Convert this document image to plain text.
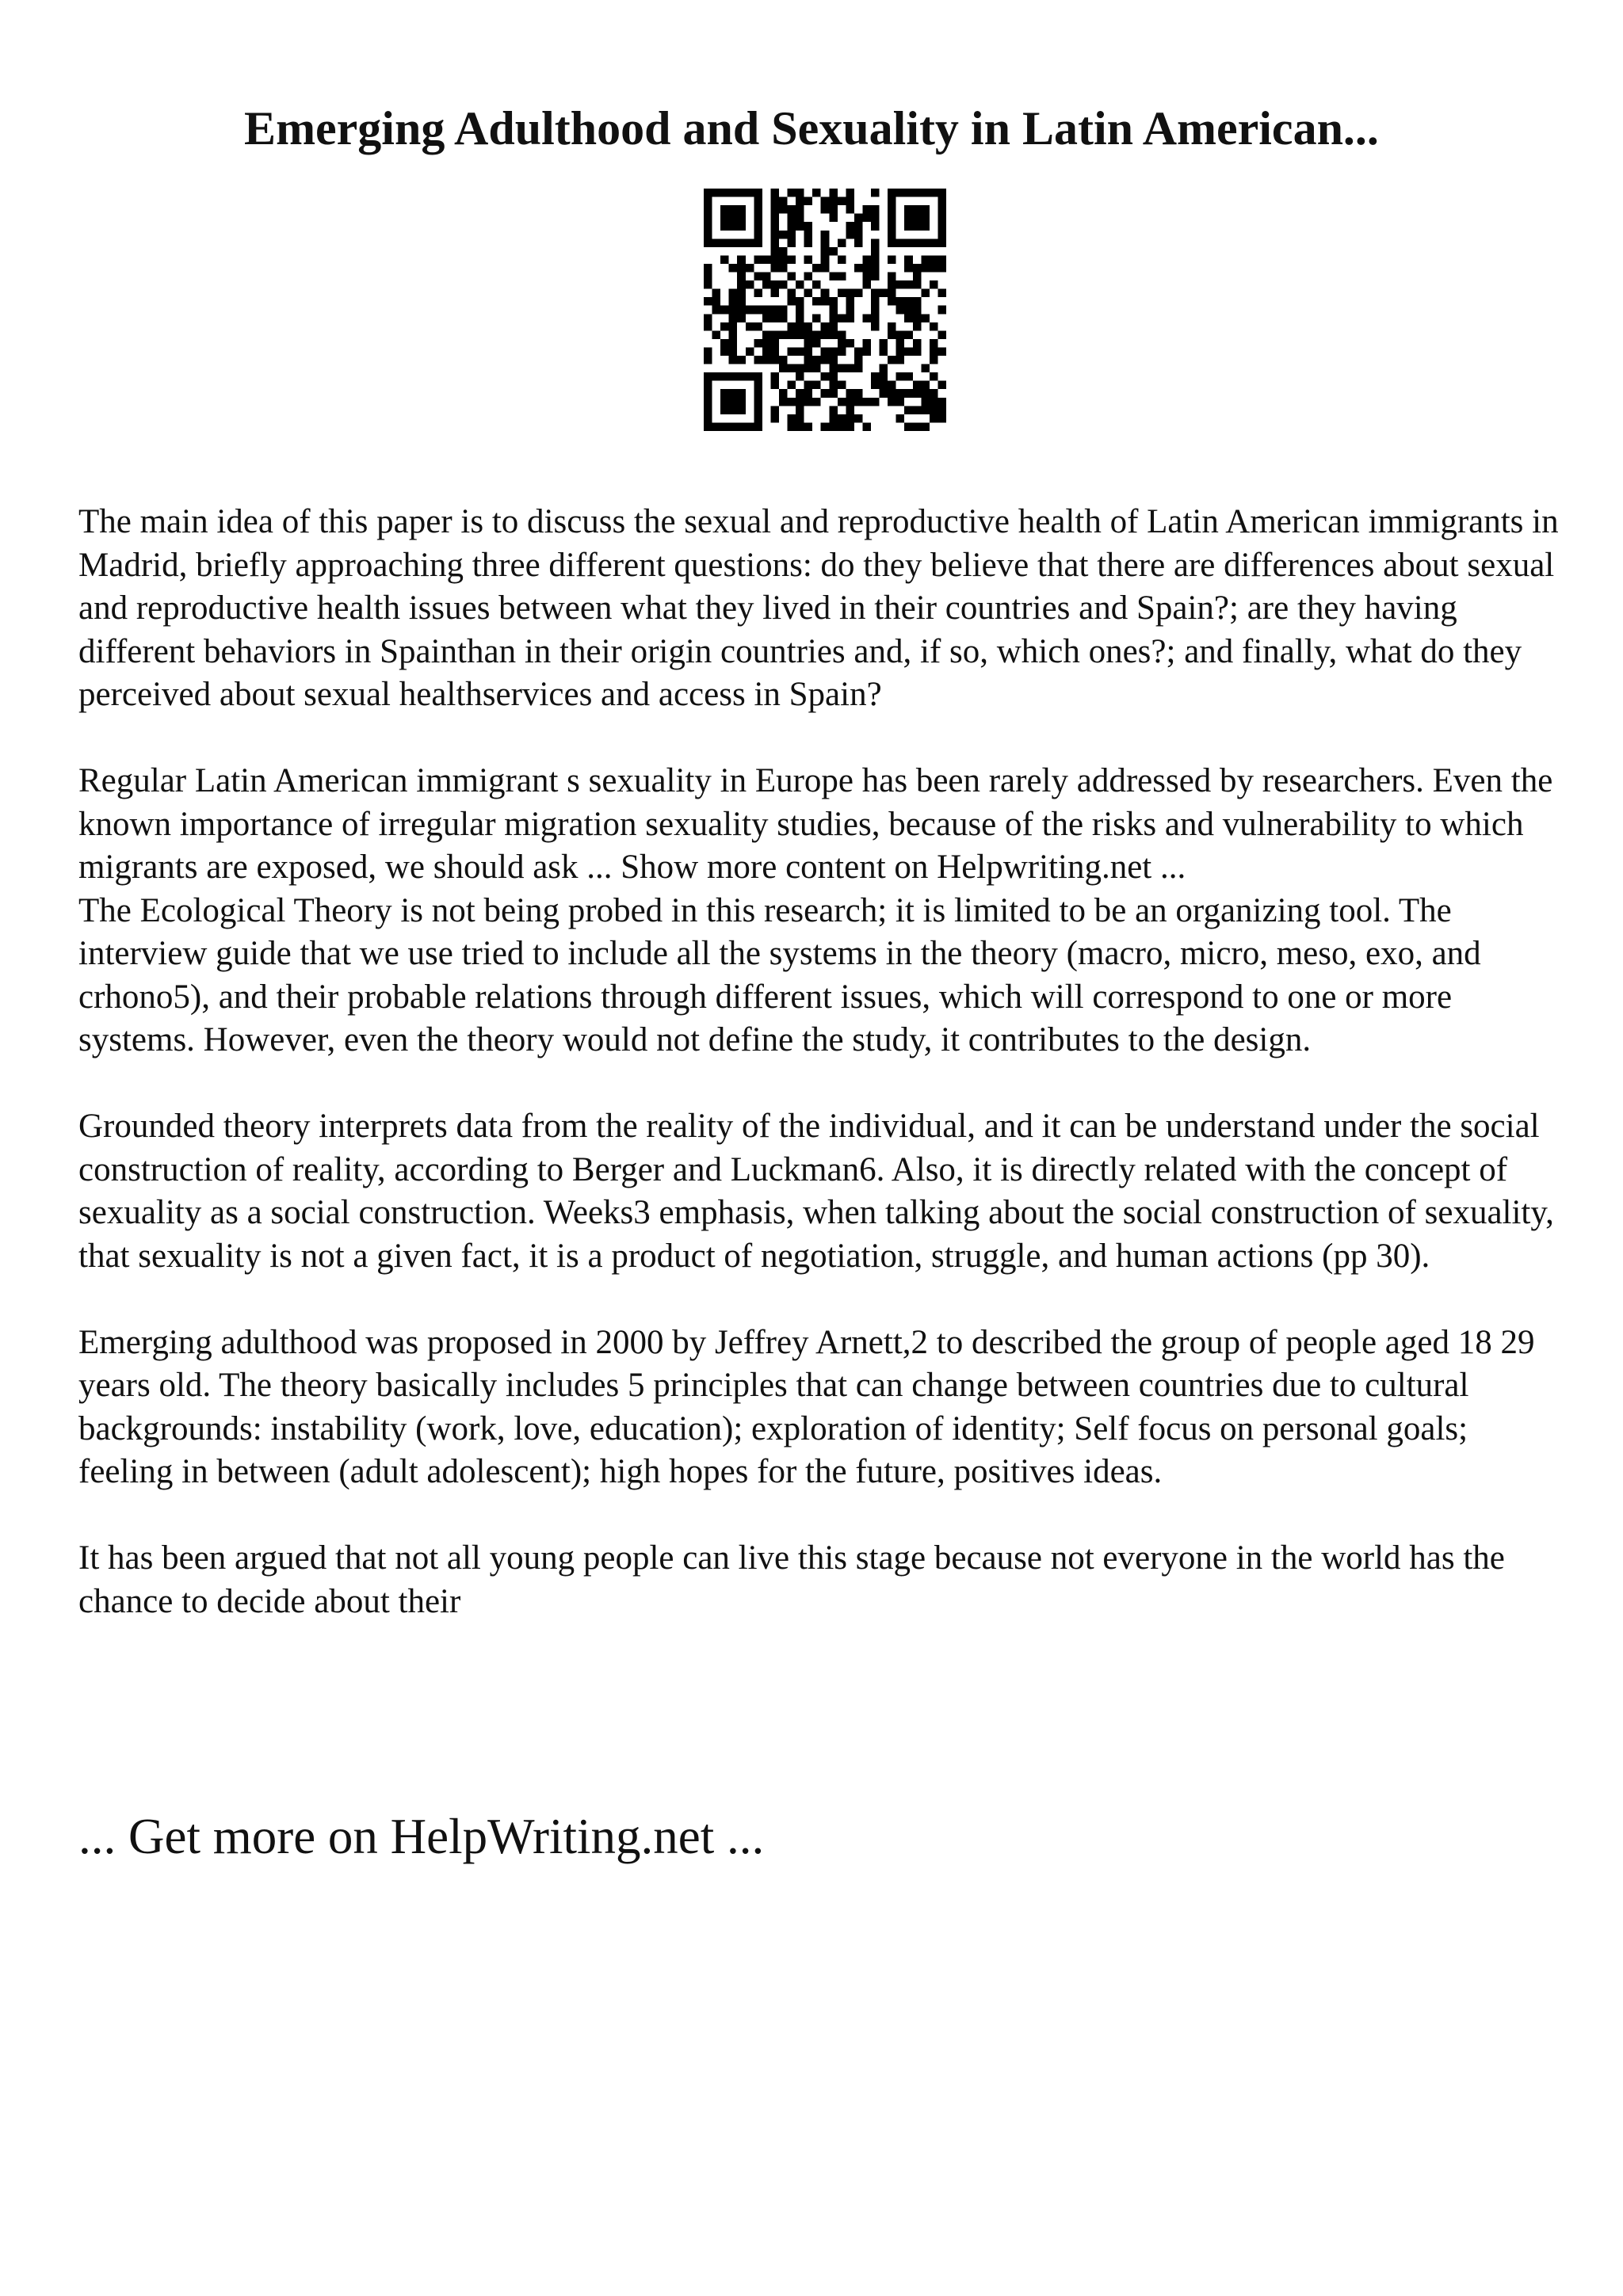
Emerging Adulthood and Sexuality in Latin American...

The main idea of this paper is to discuss the sexual and reproductive health of Latin American immigrants in Madrid, briefly approaching three different questions: do they believe that there are differences about sexual and reproductive health issues between what they lived in their countries and Spain?; are they having different behaviors in Spainthan in their origin countries and, if so, which ones?; and finally, what do they perceived about sexual healthservices and access in Spain?

Regular Latin American immigrant s sexuality in Europe has been rarely addressed by researchers. Even the known importance of irregular migration sexuality studies, because of the risks and vulnerability to which migrants are exposed, we should ask ... Show more content on Helpwriting.net ...

The Ecological Theory is not being probed in this research; it is limited to be an organizing tool. The interview guide that we use tried to include all the systems in the theory (macro, micro, meso, exo, and crhono5), and their probable relations through different issues, which will correspond to one or more systems. However, even the theory would not define the study, it contributes to the design.

Grounded theory interprets data from the reality of the individual, and it can be understand under the social construction of reality, according to Berger and Luckman6. Also, it is directly related with the concept of sexuality as a social construction. Weeks3 emphasis, when talking about the social construction of sexuality, that sexuality is not a given fact, it is a product of negotiation, struggle, and human actions (pp 30).

Emerging adulthood was proposed in 2000 by Jeffrey Arnett,2 to described the group of people aged 18 29 years old. The theory basically includes 5 principles that can change between countries due to cultural backgrounds: instability (work, love, education); exploration of identity; Self focus on personal goals; feeling in between (adult adolescent); high hopes for the future, positives ideas.

It has been argued that not all young people can live this stage because not everyone in the world has the chance to decide about their

... Get more on HelpWriting.net ...
